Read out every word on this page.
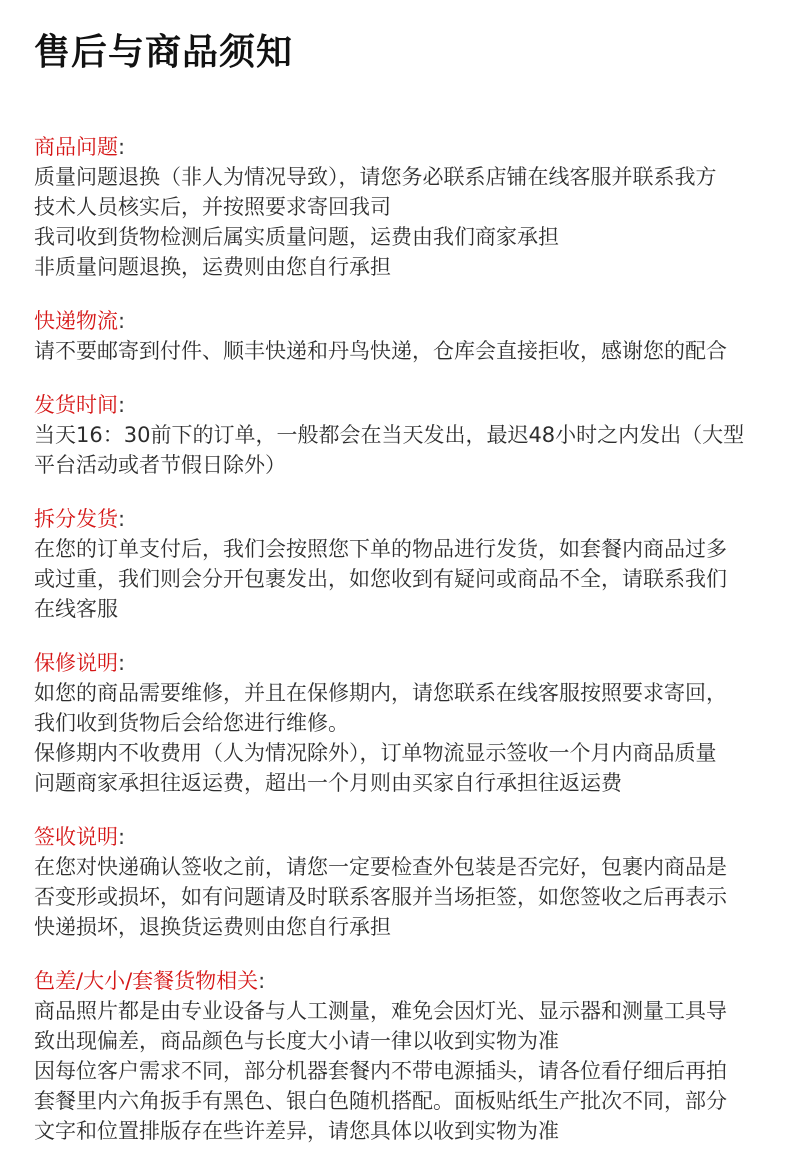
售后与商品须知
商品问题:

质量问题退换（非人为情况导致），请您务必联系店铺在线客服并联系我方

技术人员核实后，并按照要求寄回我司

我司收到货物检测后属实质量问题，运费由我们商家承担

非质量问题退换，运费则由您自行承担

快递物流:

请不要邮寄到付件、顺丰快递和丹鸟快递，仓库会直接拒收，感谢您的配合

发货时间:

当天16：30前下的订单，一般都会在当天发出，最迟48小时之内发出（大型

平台活动或者节假日除外）

拆分发货:

在您的订单支付后，我们会按照您下单的物品进行发货，如套餐内商品过多

或过重，我们则会分开包裹发出，如您收到有疑问或商品不全，请联系我们

在线客服

保修说明:

如您的商品需要维修，并且在保修期内，请您联系在线客服按照要求寄回，

我们收到货物后会给您进行维修。

保修期内不收费用（人为情况除外），订单物流显示签收一个月内商品质量

问题商家承担往返运费，超出一个月则由买家自行承担往返运费

签收说明:

在您对快递确认签收之前，请您一定要检查外包装是否完好，包裹内商品是

否变形或损坏，如有问题请及时联系客服并当场拒签，如您签收之后再表示

快递损坏，退换货运费则由您自行承担

色差/大小/套餐货物相关:

商品照片都是由专业设备与人工测量，难免会因灯光、显示器和测量工具导

致出现偏差，商品颜色与长度大小请一律以收到实物为准

因每位客户需求不同，部分机器套餐内不带电源插头，请各位看仔细后再拍

套餐里内六角扳手有黑色、银白色随机搭配。面板贴纸生产批次不同，部分

文字和位置排版存在些许差异，请您具体以收到实物为准
